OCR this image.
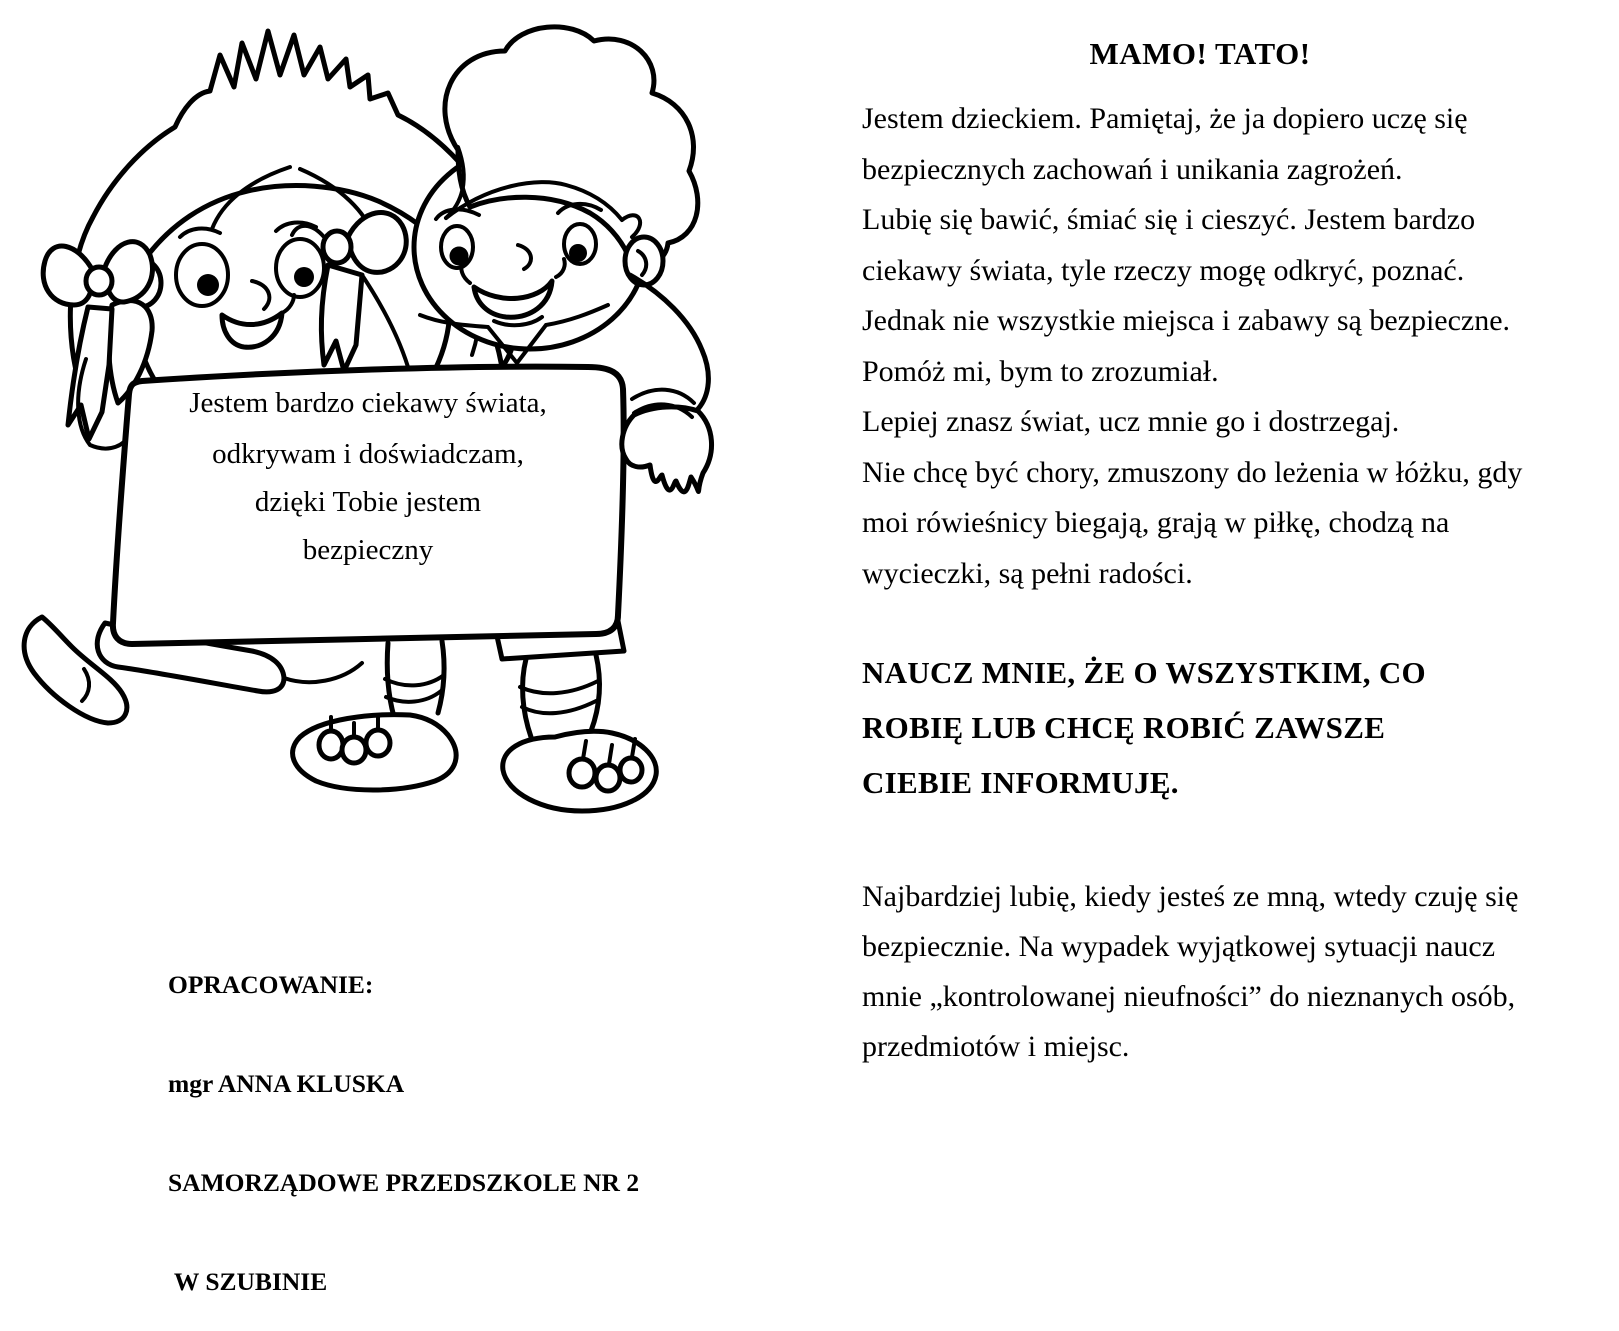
Jestem bardzo ciekawy świata,
odkrywam i doświadczam,
dzięki Tobie jestem
bezpieczny

OPRACOWANIE:

mgr ANNA KLUSKA

SAMORZĄDOWE PRZEDSZKOLE NR 2

W SZUBINIE

MAMO! TATO!
Jestem dzieckiem. Pamiętaj, że ja dopiero uczę się
bezpiecznych zachowań i unikania zagrożeń.
Lubię się bawić, śmiać się i cieszyć. Jestem bardzo
ciekawy świata, tyle rzeczy mogę odkryć, poznać.
Jednak nie wszystkie miejsca i zabawy są bezpieczne.
Pomóż mi, bym to zrozumiał.
Lepiej znasz świat, ucz mnie go i dostrzegaj.
Nie chcę być chory, zmuszony do leżenia w łóżku, gdy
moi rówieśnicy biegają, grają w piłkę, chodzą na
wycieczki, są pełni radości.
NAUCZ MNIE, ŻE O WSZYSTKIM, CO
ROBIĘ LUB CHCĘ ROBIĆ ZAWSZE
CIEBIE INFORMUJĘ.
Najbardziej lubię, kiedy jesteś ze mną, wtedy czuję się
bezpiecznie. Na wypadek wyjątkowej sytuacji naucz
mnie „kontrolowanej nieufności” do nieznanych osób,
przedmiotów i miejsc.
